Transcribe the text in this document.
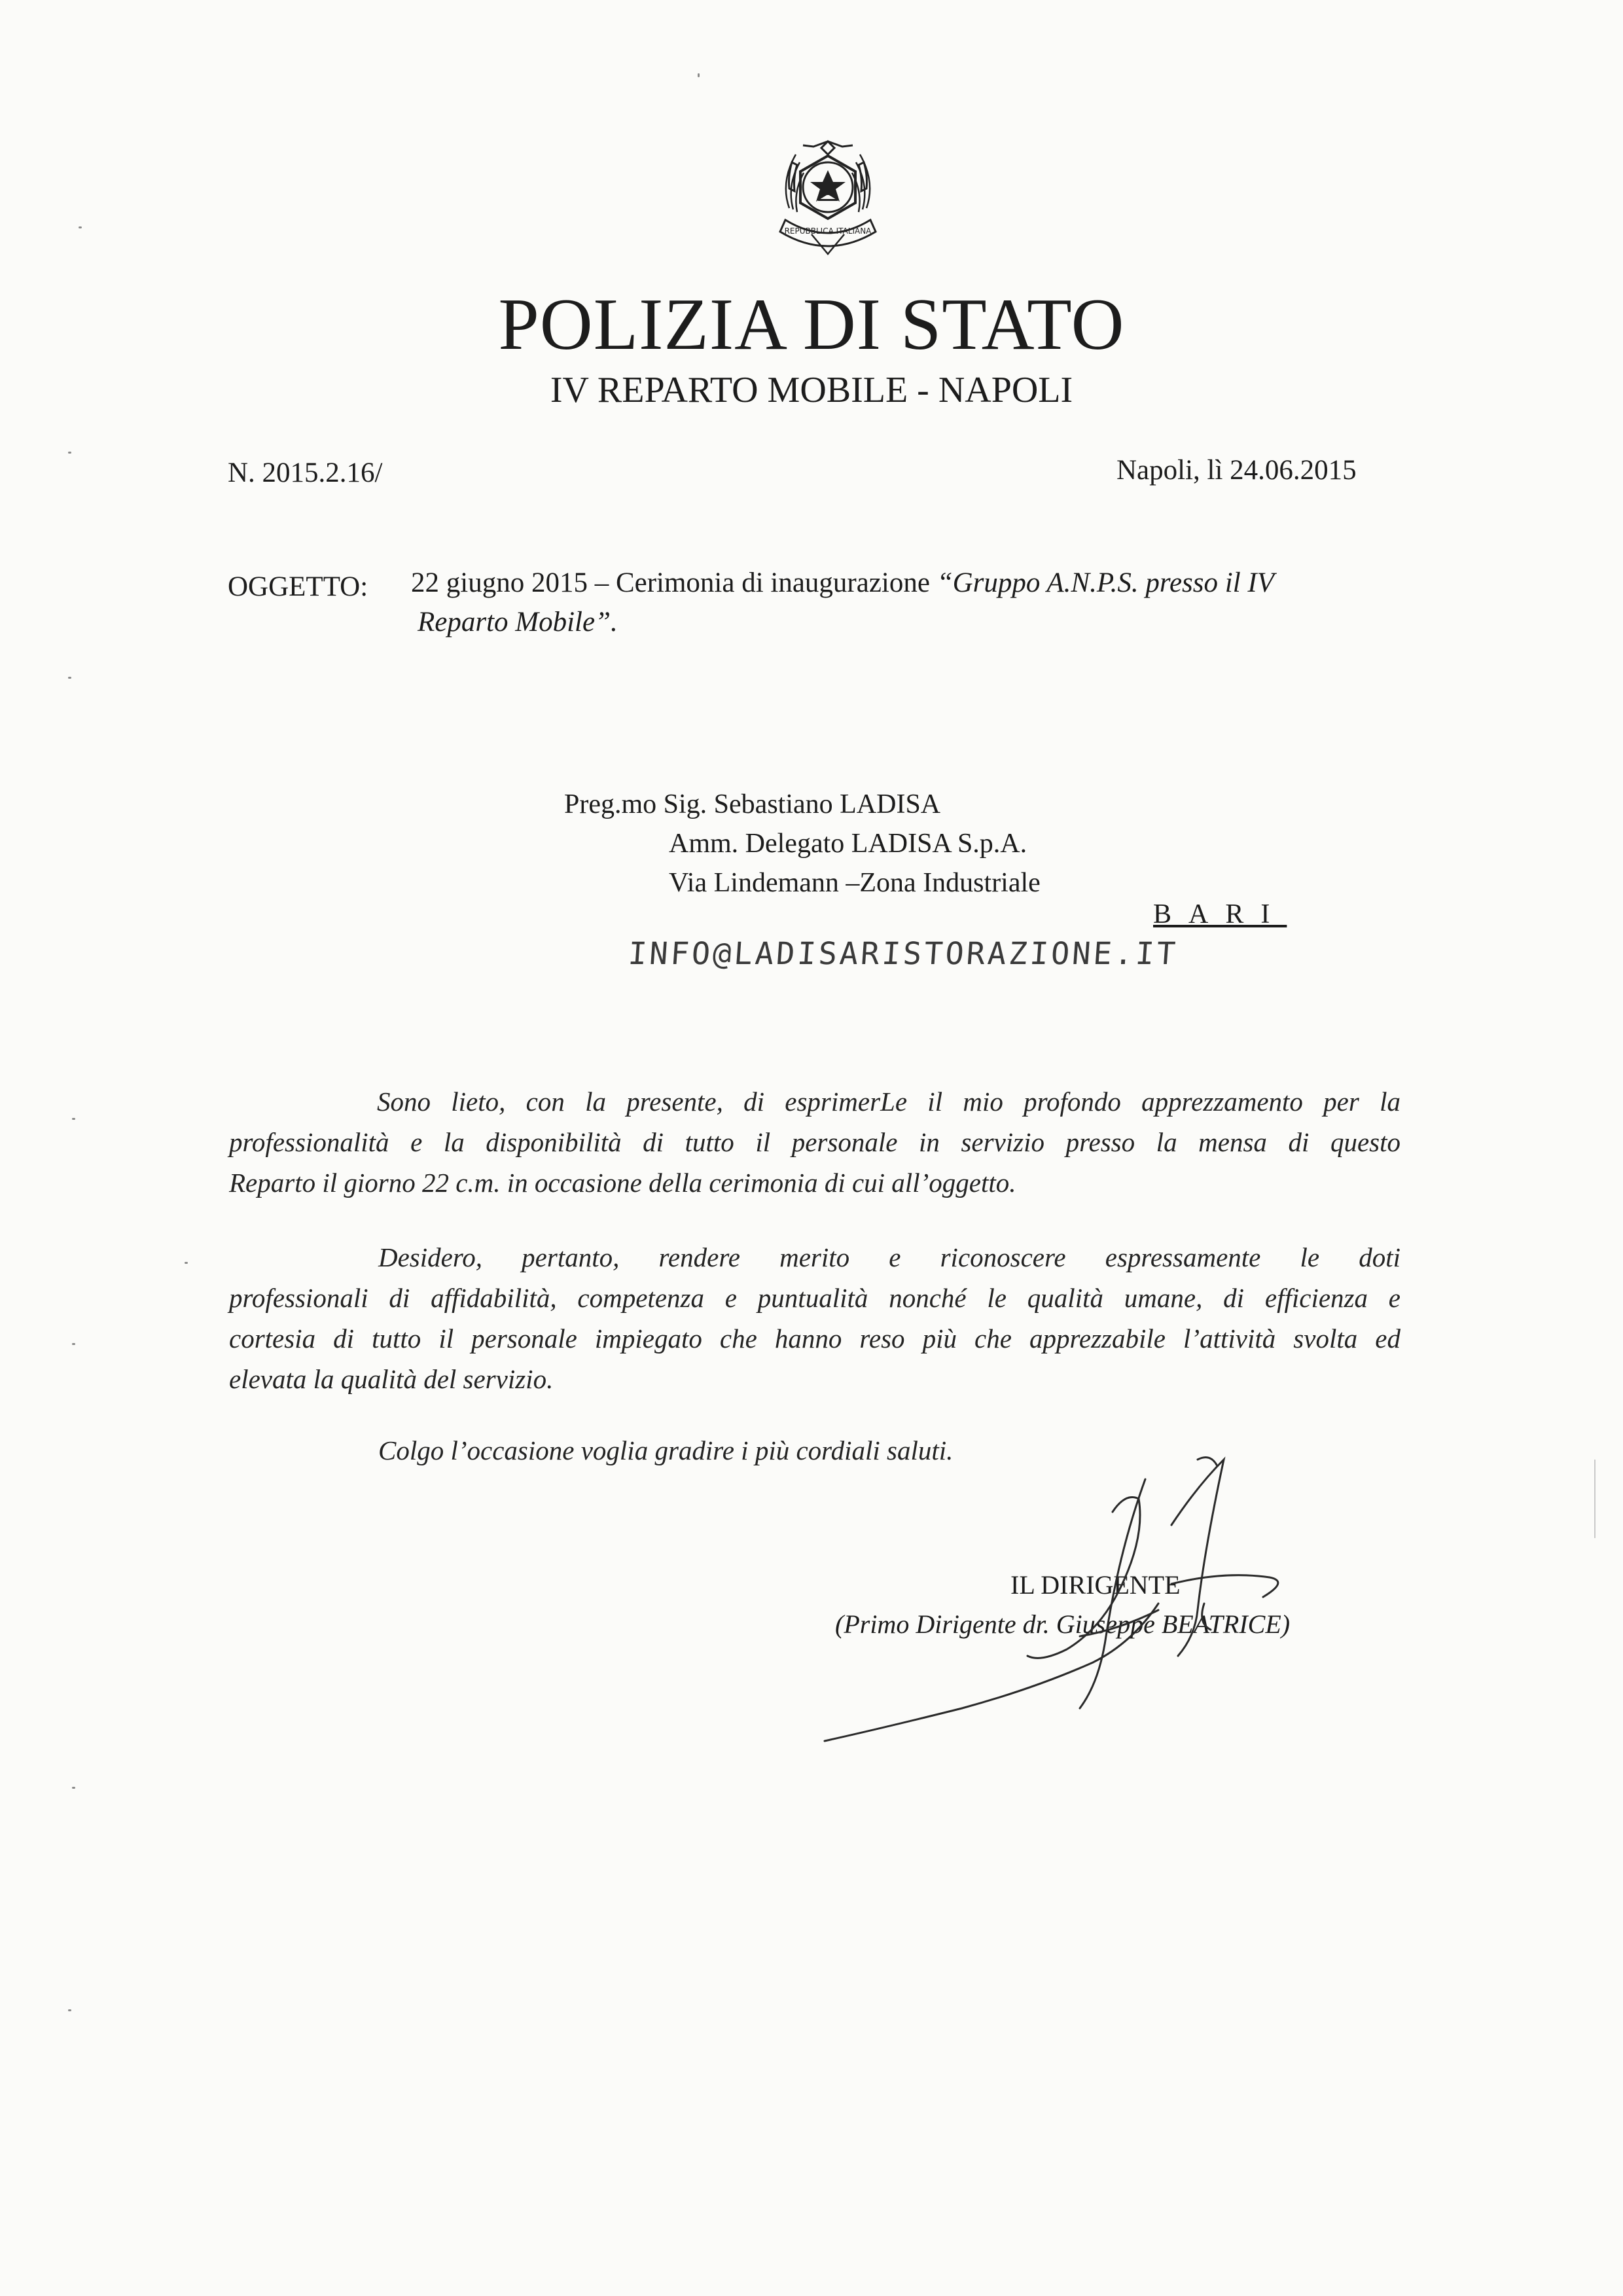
REPUBBLICA ITALIANA
POLIZIA DI STATO
IV REPARTO MOBILE - NAPOLI
N. 2015.2.16/	Napoli, lì 24.06.2015
OGGETTO: 22 giugno 2015 – Cerimonia di inaugurazione “Gruppo A.N.P.S. presso il IV
Reparto Mobile”.
Preg.mo Sig. Sebastiano LADISA
Amm. Delegato LADISA S.p.A.
Via Lindemann –Zona Industriale
BARI
INFO@LADISARISTORAZIONE.IT
Sono lieto, con la presente, di esprimerLe il mio profondo apprezzamento per la
professionalità e la disponibilità di tutto il personale in servizio presso la mensa di questo
Reparto il giorno 22 c.m. in occasione della cerimonia di cui all’oggetto.
Desidero, pertanto, rendere merito e riconoscere espressamente le doti
professionali di affidabilità, competenza e puntualità nonché le qualità umane, di efficienza e
cortesia di tutto il personale impiegato che hanno reso più che apprezzabile l’attività svolta ed
elevata la qualità del servizio.
Colgo l’occasione voglia gradire i più cordiali saluti.
IL DIRIGENTE
(Primo Dirigente dr. Giuseppe BEATRICE)
